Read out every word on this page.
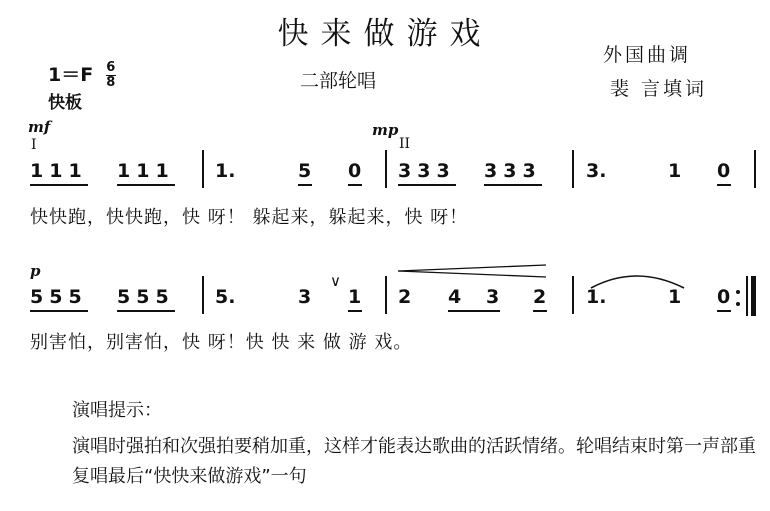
快来做游戏
二部轮唱
外国曲调
裴 言填词
$1=F \frac{6}{8}$
快板
mf
I
mp
II
111 111 1.	5 0 333 333 3.	1 0
快快跑，快快跑，快 呀！ 躲起来，躲起来，快 呀！
p
555 555 5.	3
∨
1 2 4 3 2 1.	1 0
别害怕，别害怕，快 呀！快 快 来 做 游 戏。
演唱提示：
演唱时强拍和次强拍要稍加重，这样才能表达歌曲的活跃情绪。轮唱结束时第一声部重复唱最后“快快来做游戏”一句
